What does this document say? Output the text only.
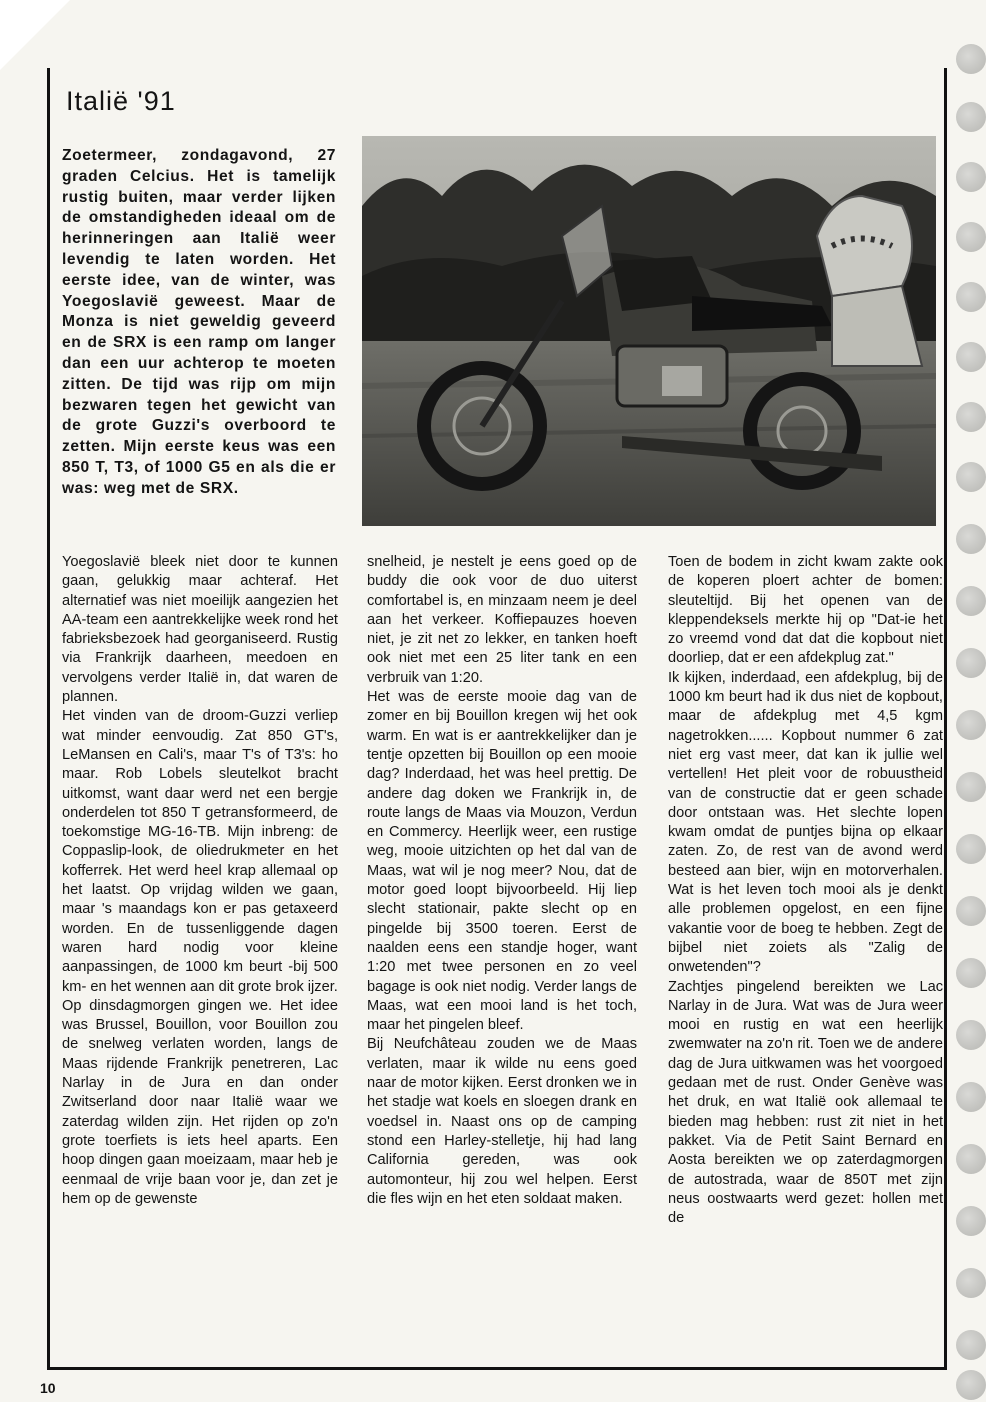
Italië '91

Zoetermeer, zondagavond, 27 graden Celcius. Het is tamelijk rustig buiten, maar verder lijken de omstandigheden ideaal om de herinneringen aan Italië weer levendig te laten worden. Het eerste idee, van de winter, was Yoegoslavië geweest. Maar de Monza is niet geweldig geveerd en de SRX is een ramp om langer dan een uur achterop te moeten zitten. De tijd was rijp om mijn bezwaren tegen het gewicht van de grote Guzzi's overboord te zetten. Mijn eerste keus was een 850 T, T3, of 1000 G5 en als die er was: weg met de SRX.

Yoegoslavië bleek niet door te kunnen gaan, gelukkig maar achteraf. Het alternatief was niet moeilijk aangezien het AA-team een aantrekkelijke week rond het fabrieksbezoek had georganiseerd. Rustig via Frankrijk daarheen, meedoen en vervolgens verder Italië in, dat waren de plannen.

Het vinden van de droom-Guzzi verliep wat minder eenvoudig. Zat 850 GT's, LeMansen en Cali's, maar T's of T3's: ho maar. Rob Lobels sleutelkot bracht uitkomst, want daar werd net een bergje onderdelen tot 850 T getransformeerd, de toekomstige MG-16-TB. Mijn inbreng: de Coppaslip-look, de oliedrukmeter en het kofferrek. Het werd heel krap allemaal op het laatst. Op vrijdag wilden we gaan, maar 's maandags kon er pas getaxeerd worden. En de tussenliggende dagen waren hard nodig voor kleine aanpassingen, de 1000 km beurt -bij 500 km- en het wennen aan dit grote brok ijzer.

Op dinsdagmorgen gingen we. Het idee was Brussel, Bouillon, voor Bouillon zou de snelweg verlaten worden, langs de Maas rijdende Frankrijk penetreren, Lac Narlay in de Jura en dan onder Zwitserland door naar Italië waar we zaterdag wilden zijn. Het rijden op zo'n grote toerfiets is iets heel aparts. Een hoop dingen gaan moeizaam, maar heb je eenmaal de vrije baan voor je, dan zet je hem op de gewenste

snelheid, je nestelt je eens goed op de buddy die ook voor de duo uiterst comfortabel is, en minzaam neem je deel aan het verkeer. Koffiepauzes hoeven niet, je zit net zo lekker, en tanken hoeft ook niet met een 25 liter tank en een verbruik van 1:20.

Het was de eerste mooie dag van de zomer en bij Bouillon kregen wij het ook warm. En wat is er aantrekkelijker dan je tentje opzetten bij Bouillon op een mooie dag? Inderdaad, het was heel prettig. De andere dag doken we Frankrijk in, de route langs de Maas via Mouzon, Verdun en Commercy. Heerlijk weer, een rustige weg, mooie uitzichten op het dal van de Maas, wat wil je nog meer? Nou, dat de motor goed loopt bijvoorbeeld. Hij liep slecht stationair, pakte slecht op en pingelde bij 3500 toeren. Eerst de naalden eens een standje hoger, want 1:20 met twee personen en zo veel bagage is ook niet nodig. Verder langs de Maas, wat een mooi land is het toch, maar het pingelen bleef.

Bij Neufchâteau zouden we de Maas verlaten, maar ik wilde nu eens goed naar de motor kijken. Eerst dronken we in het stadje wat koels en sloegen drank en voedsel in. Naast ons op de camping stond een Harley-stelletje, hij had lang California gereden, was ook automonteur, hij zou wel helpen. Eerst die fles wijn en het eten soldaat maken.

Toen de bodem in zicht kwam zakte ook de koperen ploert achter de bomen: sleuteltijd. Bij het openen van de kleppendeksels merkte hij op "Dat-ie het zo vreemd vond dat dat die kopbout niet doorliep, dat er een afdekplug zat."

Ik kijken, inderdaad, een afdekplug, bij de 1000 km beurt had ik dus niet de kopbout, maar de afdekplug met 4,5 kgm nagetrokken...... Kopbout nummer 6 zat niet erg vast meer, dat kan ik jullie wel vertellen! Het pleit voor de robuustheid van de constructie dat er geen schade door ontstaan was. Het slechte lopen kwam omdat de puntjes bijna op elkaar zaten. Zo, de rest van de avond werd besteed aan bier, wijn en motorverhalen. Wat is het leven toch mooi als je denkt alle problemen opgelost, en een fijne vakantie voor de boeg te hebben. Zegt de bijbel niet zoiets als "Zalig de onwetenden"?

Zachtjes pingelend bereikten we Lac Narlay in de Jura. Wat was de Jura weer mooi en rustig en wat een heerlijk zwemwater na zo'n rit. Toen we de andere dag de Jura uitkwamen was het voorgoed gedaan met de rust. Onder Genève was het druk, en wat Italië ook allemaal te bieden mag hebben: rust zit niet in het pakket. Via de Petit Saint Bernard en Aosta bereikten we op zaterdagmorgen de autostrada, waar de 850T met zijn neus oostwaarts werd gezet: hollen met de

10
